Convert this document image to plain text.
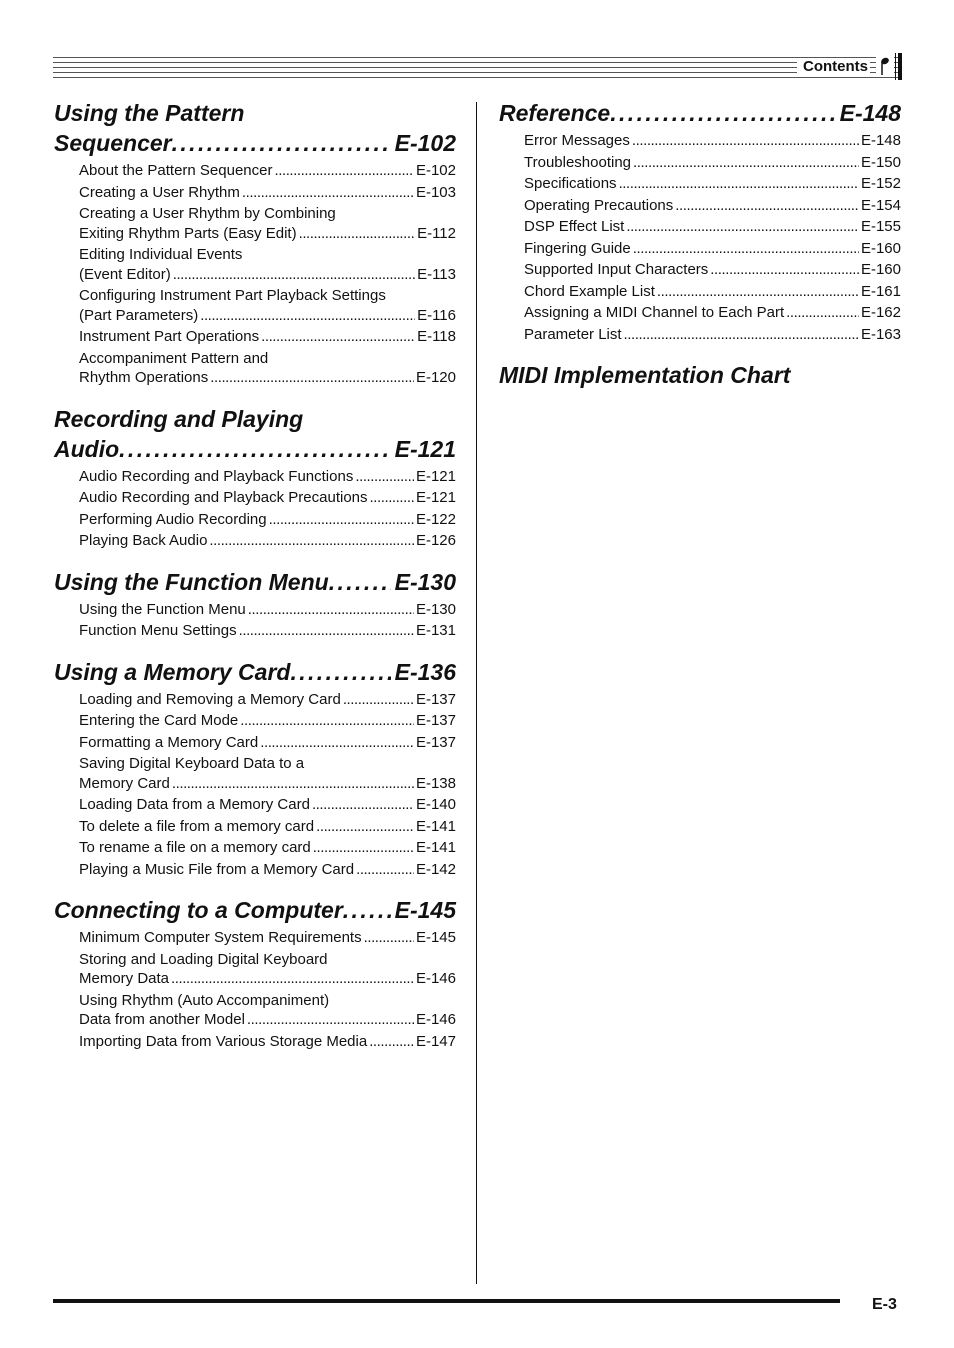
Contents
Using the Pattern
Sequencer . . .	E-102
About the Pattern Sequencer . . .	E-102
Creating a User Rhythm . . .	E-103
Creating a User Rhythm by Combining
Exiting Rhythm Parts (Easy Edit) . . .	E-112
Editing Individual Events
(Event Editor) . . .	E-113
Configuring Instrument Part Playback Settings
(Part Parameters) . . .	E-116
Instrument Part Operations . . .	E-118
Accompaniment Pattern and
Rhythm Operations . . .	E-120
Recording and Playing
Audio . . .	E-121
Audio Recording and Playback Functions . . .	E-121
Audio Recording and Playback Precautions . . .	E-121
Performing Audio Recording . . .	E-122
Playing Back Audio . . .	E-126
Using the Function Menu . . .	E-130
Using the Function Menu . . .	E-130
Function Menu Settings . . .	E-131
Using a Memory Card . . .	E-136
Loading and Removing a Memory Card . . .	E-137
Entering the Card Mode . . .	E-137
Formatting a Memory Card . . .	E-137
Saving Digital Keyboard Data to a
Memory Card . . .	E-138
Loading Data from a Memory Card . . .	E-140
To delete a file from a memory card . . .	E-141
To rename a file on a memory card . . .	E-141
Playing a Music File from a Memory Card . . .	E-142
Connecting to a Computer . . . E-145
Minimum Computer System Requirements . . .	E-145
Storing and Loading Digital Keyboard
Memory Data . . .	E-146
Using Rhythm (Auto Accompaniment)
Data from another Model . . .	E-146
Importing Data from Various Storage Media . . .	E-147
Reference . . .	E-148
Error Messages . . .	E-148
Troubleshooting . . .	E-150
Specifications . . .	E-152
Operating Precautions . . .	E-154
DSP Effect List . . .	E-155
Fingering Guide . . .	E-160
Supported Input Characters . . .	E-160
Chord Example List . . .	E-161
Assigning a MIDI Channel to Each Part . . .	E-162
Parameter List . . .	E-163
MIDI Implementation Chart
E-3
